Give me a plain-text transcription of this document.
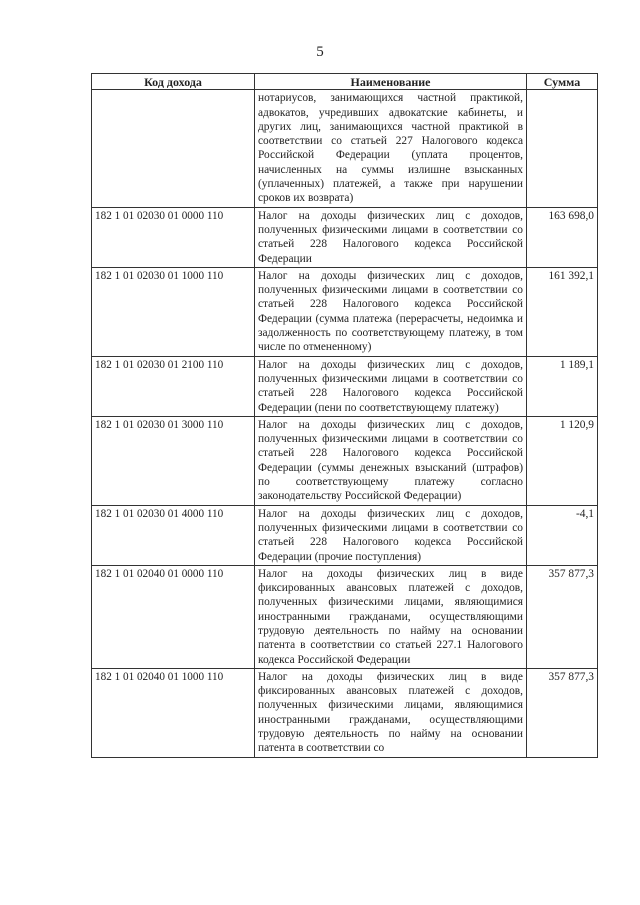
5
Код дохода	Наименование	Сумма
	нотариусов, занимающихся частной практикой, адвокатов, учредивших адвокатские кабинеты, и других лиц, занимающихся частной практикой в соответствии со статьей 227 Налогового кодекса Российской Федерации (уплата процентов, начисленных на суммы излишне взысканных (уплаченных) платежей, а также при нарушении сроков их возврата)	
182 1 01 02030 01 0000 110	Налог на доходы физических лиц с доходов, полученных физическими лицами в соответствии со статьей 228 Налогового кодекса Российской Федерации	163 698,0
182 1 01 02030 01 1000 110	Налог на доходы физических лиц с доходов, полученных физическими лицами в соответствии со статьей 228 Налогового кодекса Российской Федерации (сумма платежа (перерасчеты, недоимка и задолженность по соответствующему платежу, в том числе по отмененному)	161 392,1
182 1 01 02030 01 2100 110	Налог на доходы физических лиц с доходов, полученных физическими лицами в соответствии со статьей 228 Налогового кодекса Российской Федерации (пени по соответствующему платежу)	1 189,1
182 1 01 02030 01 3000 110	Налог на доходы физических лиц с доходов, полученных физическими лицами в соответствии со статьей 228 Налогового кодекса Российской Федерации (суммы денежных взысканий (штрафов) по соответствующему платежу согласно законодательству Российской Федерации)	1 120,9
182 1 01 02030 01 4000 110	Налог на доходы физических лиц с доходов, полученных физическими лицами в соответствии со статьей 228 Налогового кодекса Российской Федерации (прочие поступления)	-4,1
182 1 01 02040 01 0000 110	Налог на доходы физических лиц в виде фиксированных авансовых платежей с доходов, полученных физическими лицами, являющимися иностранными гражданами, осуществляющими трудовую деятельность по найму на основании патента в соответствии со статьей 227.1 Налогового кодекса Российской Федерации	357 877,3
182 1 01 02040 01 1000 110	Налог на доходы физических лиц в виде фиксированных авансовых платежей с доходов, полученных физическими лицами, являющимися иностранными гражданами, осуществляющими трудовую деятельность по найму на основании патента в соответствии со	357 877,3
